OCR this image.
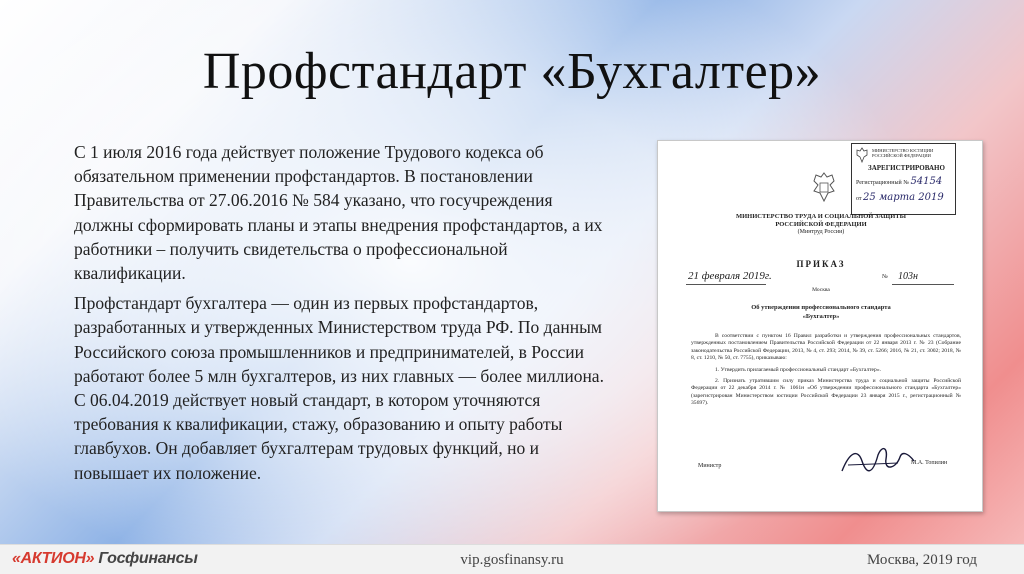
Профстандарт «Бухгалтер»

С 1 июля 2016 года действует положение Трудового кодекса об обязательном применении профстандартов. В постановлении Правительства от 27.06.2016 № 584 указано, что госучреждения должны сформировать планы и этапы внедрения профстандартов, а их работники – получить свидетельства о профессиональной квалификации.

Профстандарт бухгалтера — один из первых профстандартов, разработанных и утвержденных Министерством труда РФ. По данным Российского союза промышленников и предпринимателей, в России работают более 5 млн бухгалтеров, из них главных — более миллиона. С 06.04.2019 действует новый стандарт, в котором уточняются требования к квалификации, стажу, образованию и опыту работы главбухов. Он добавляет бухгалтерам трудовых функций, но и повышает их положение.

МИНИСТЕРСТВО ЮСТИЦИИ РОССИЙСКОЙ ФЕДЕРАЦИИ
ЗАРЕГИСТРИРОВАНО
Регистрационный № 54154
от 25 марта 2019
МИНИСТЕРСТВО ТРУДА И СОЦИАЛЬНОЙ ЗАЩИТЫ
РОССИЙСКОЙ ФЕДЕРАЦИИ
(Минтруд России)
ПРИКАЗ
21 февраля 2019г.	№ 103н
Москва
Об утверждении профессионального стандарта
«Бухгалтер»

В соответствии с пунктом 16 Правил разработки и утверждения профессиональных стандартов, утвержденных постановлением Правительства Российской Федерации от 22 января 2013 г. № 23 (Собрание законодательства Российской Федерации, 2013, № 4, ст. 293; 2014, № 39, ст. 5266; 2016, № 21, ст. 3002; 2018, № 8, ст. 1210, № 50, ст. 7755), приказываю:

1. Утвердить прилагаемый профессиональный стандарт «Бухгалтер».

2. Признать утратившим силу приказ Министерства труда и социальной защиты Российской Федерации от 22 декабря 2014 г. № 1061н «Об утверждении профессионального стандарта «Бухгалтер» (зарегистрирован Министерством юстиции Российской Федерации 23 января 2015 г., регистрационный № 35697).

Министр	М.А. Топилин
«АКТИОН» Госфинансы	vip.gosfinansy.ru	Москва, 2019 год
